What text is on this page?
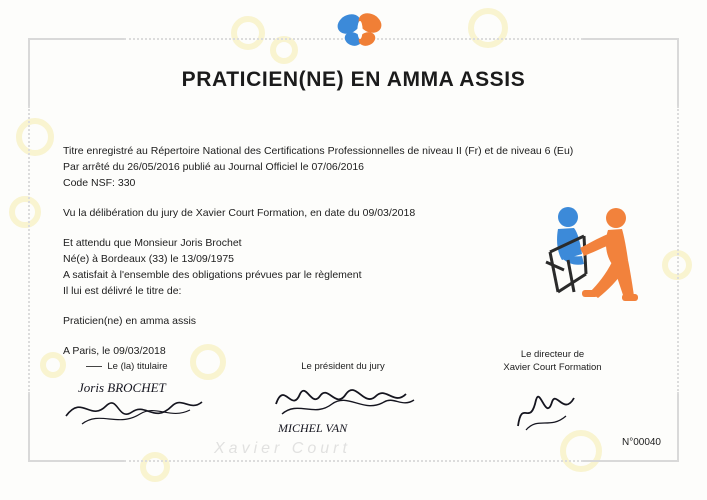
PRATICIEN(NE) EN AMMA ASSIS

Titre enregistré au Répertoire National des Certifications Professionnelles de niveau II (Fr) et de niveau 6 (Eu)
Par arrêté du 26/05/2016 publié au Journal Officiel le 07/06/2016
Code NSF: 330

Vu la délibération du jury de Xavier Court Formation, en date du 09/03/2018

Et attendu que Monsieur Joris Brochet
Né(e) à Bordeaux (33) le 13/09/1975
A satisfait à l'ensemble des obligations prévues par le règlement
Il lui est délivré le titre de:

Praticien(ne) en amma assis

A Paris, le 09/03/2018

Le (la) titulaire
Joris BROCHET
Le président du jury
MICHEL VAN
Le directeur de
Xavier Court Formation
Xavier Court	N°00040
